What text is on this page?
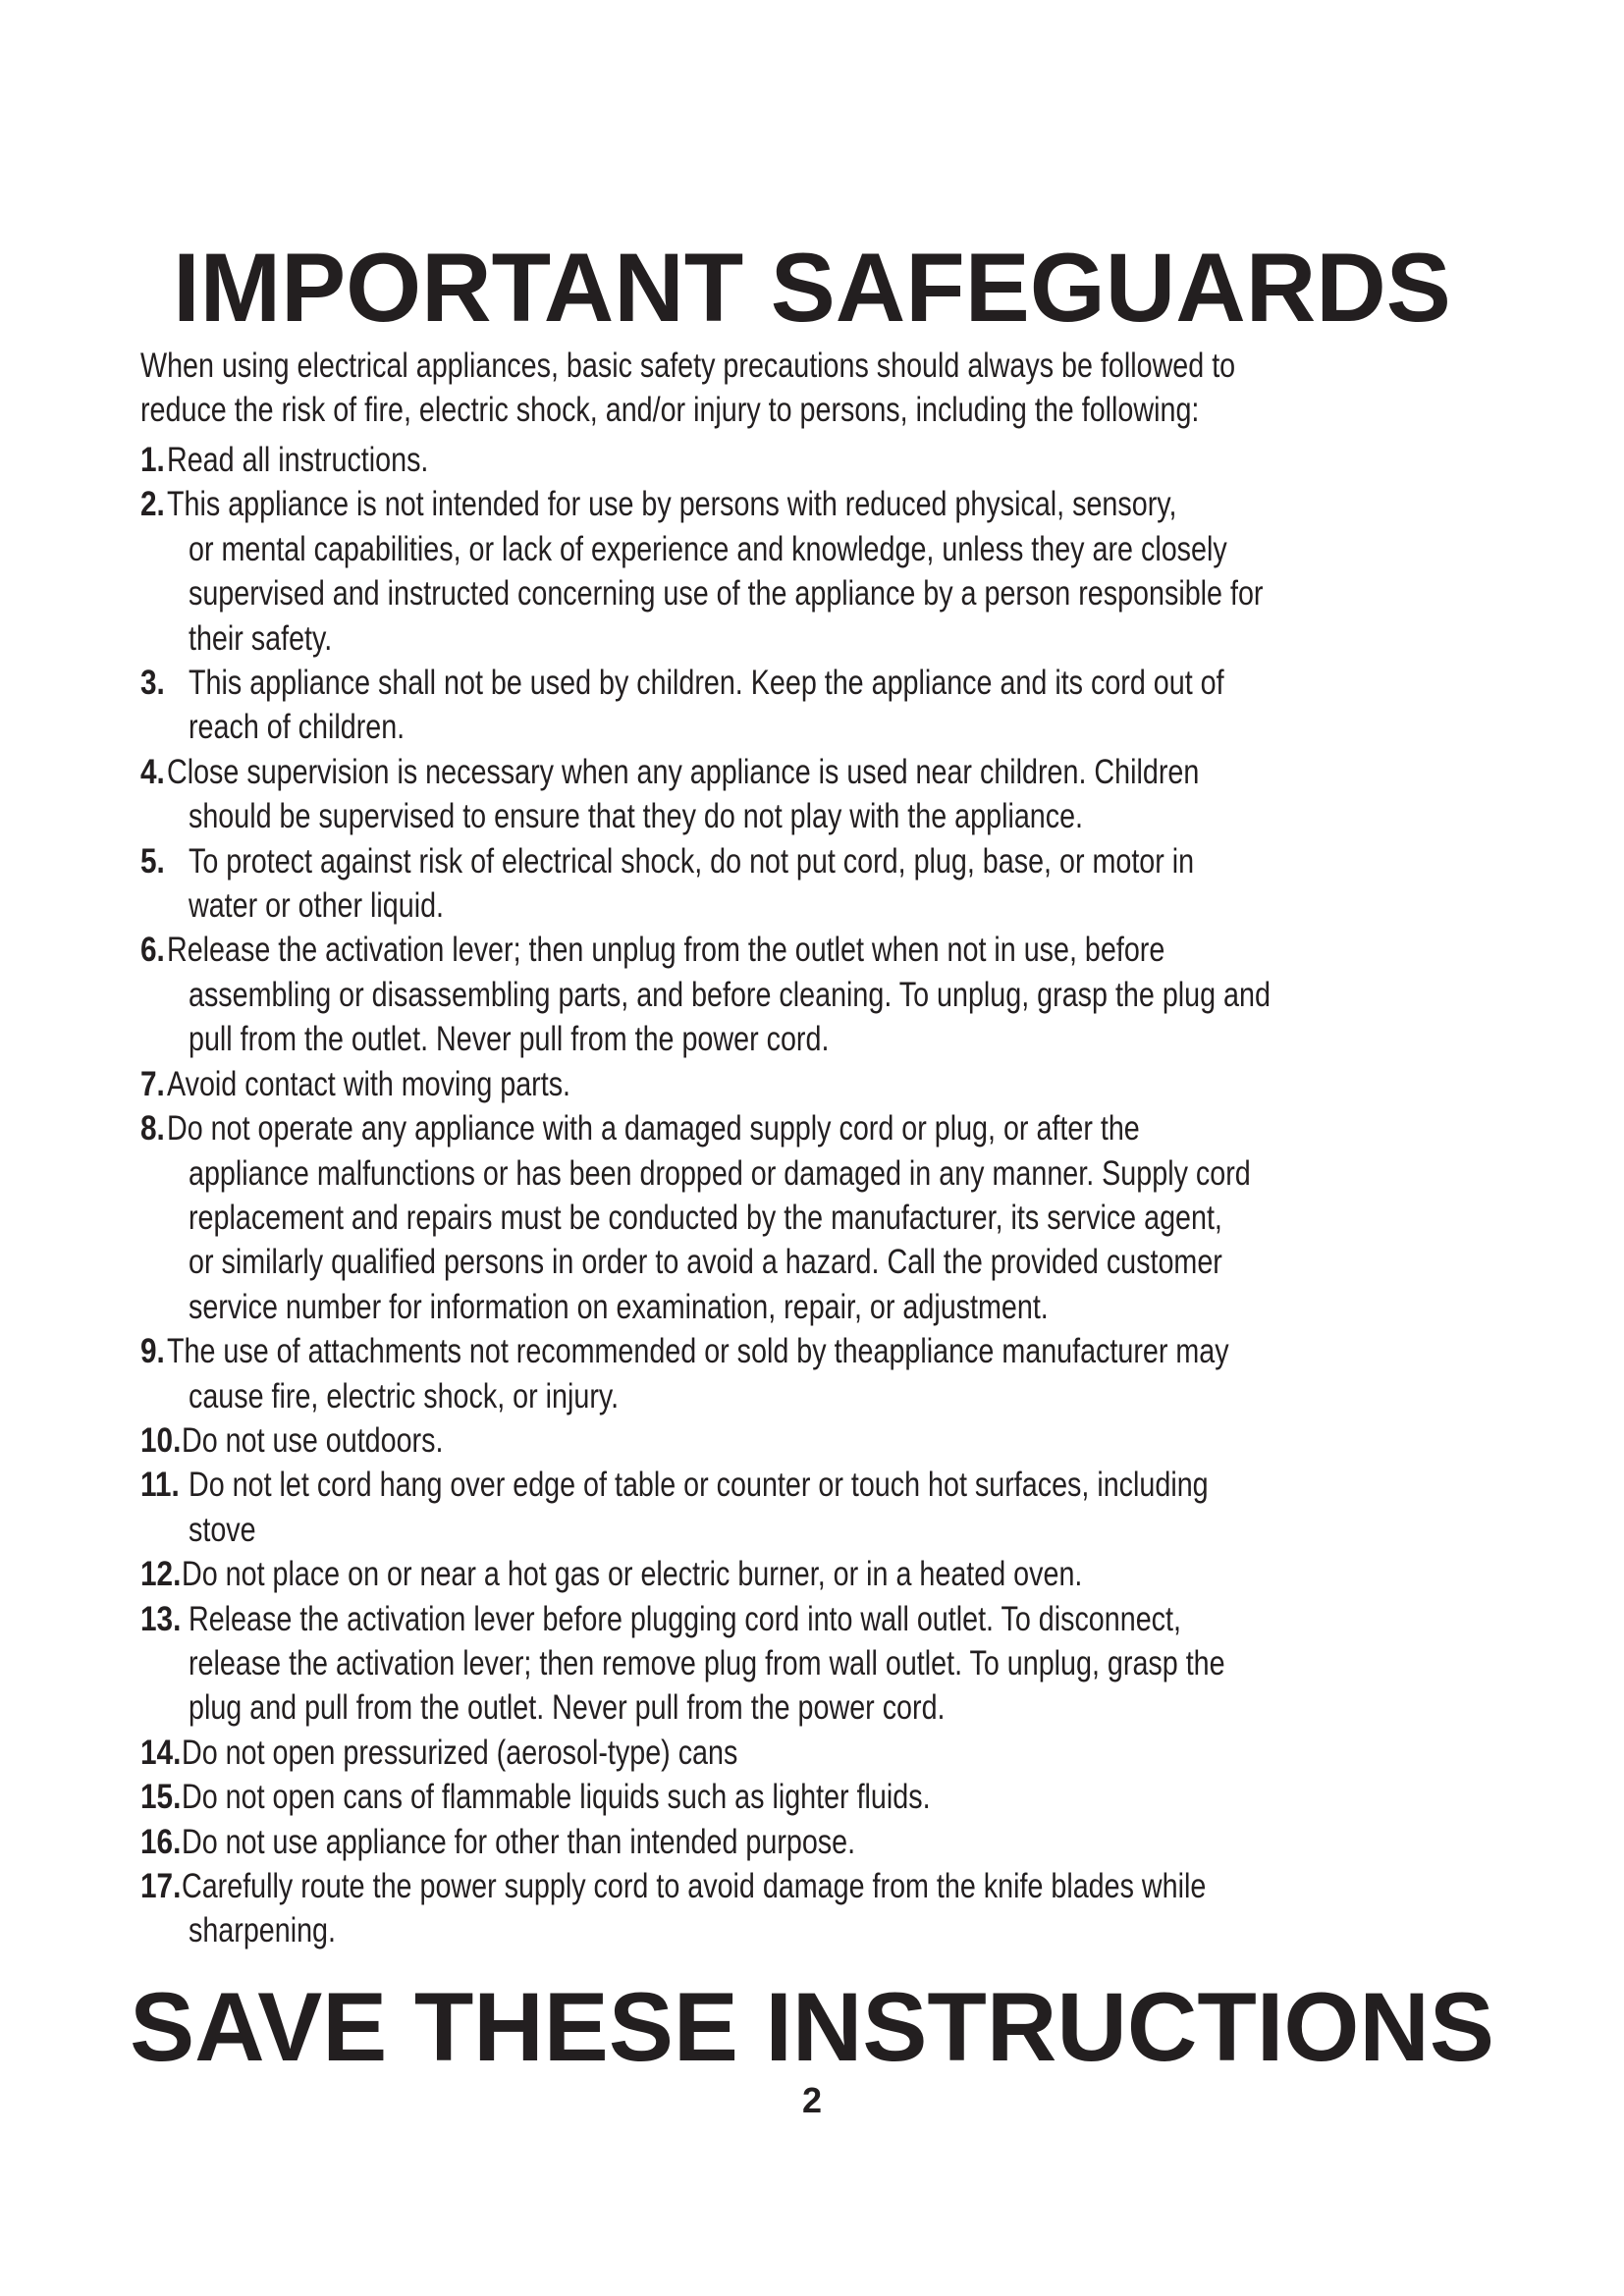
IMPORTANT SAFEGUARDS

When using electrical appliances, basic safety precautions should always be followed to
reduce the risk of fire, electric shock, and/or injury to persons, including the following:

1. Read all instructions.
2. This appliance is not intended for use by persons with reduced physical, sensory,
or mental capabilities, or lack of experience and knowledge, unless they are closely
supervised and instructed concerning use of the appliance by a person responsible for
their safety.
3. This appliance shall not be used by children. Keep the appliance and its cord out of
reach of children.
4. Close supervision is necessary when any appliance is used near children. Children
should be supervised to ensure that they do not play with the appliance.
5. To protect against risk of electrical shock, do not put cord, plug, base, or motor in
water or other liquid.
6. Release the activation lever; then unplug from the outlet when not in use, before
assembling or disassembling parts, and before cleaning. To unplug, grasp the plug and
pull from the outlet. Never pull from the power cord.
7. Avoid contact with moving parts.
8. Do not operate any appliance with a damaged supply cord or plug, or after the
appliance malfunctions or has been dropped or damaged in any manner. Supply cord
replacement and repairs must be conducted by the manufacturer, its service agent,
or similarly qualified persons in order to avoid a hazard. Call the provided customer
service number for information on examination, repair, or adjustment.
9. The use of attachments not recommended or sold by theappliance manufacturer may
cause fire, electric shock, or injury.
10. Do not use outdoors.
11. Do not let cord hang over edge of table or counter or touch hot surfaces, including
stove
12. Do not place on or near a hot gas or electric burner, or in a heated oven.
13. Release the activation lever before plugging cord into wall outlet. To disconnect,
release the activation lever; then remove plug from wall outlet. To unplug, grasp the
plug and pull from the outlet. Never pull from the power cord.
14. Do not open pressurized (aerosol-type) cans
15. Do not open cans of flammable liquids such as lighter fluids.
16. Do not use appliance for other than intended purpose.
17. Carefully route the power supply cord to avoid damage from the knife blades while
sharpening.
SAVE THESE INSTRUCTIONS
2
